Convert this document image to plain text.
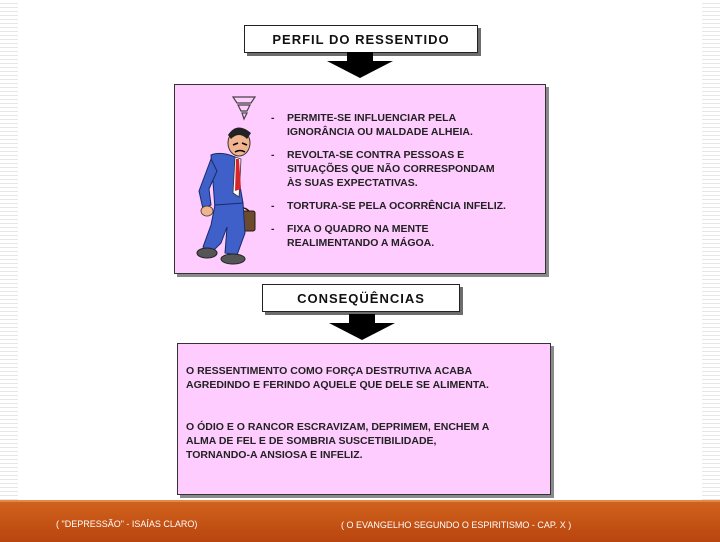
PERFIL DO RESSENTIDO
-	PERMITE-SE INFLUENCIAR PELA
IGNORÂNCIA OU MALDADE ALHEIA.
-	REVOLTA-SE CONTRA PESSOAS E
SITUAÇÕES QUE NÃO CORRESPONDAM
ÀS SUAS EXPECTATIVAS.
-	TORTURA-SE PELA OCORRÊNCIA INFELIZ.
-	FIXA O QUADRO NA MENTE
REALIMENTANDO A MÁGOA.
CONSEQÜÊNCIAS
O RESSENTIMENTO COMO FORÇA DESTRUTIVA ACABA
AGREDINDO E FERINDO AQUELE QUE DELE SE ALIMENTA.
O ÓDIO E O RANCOR ESCRAVIZAM, DEPRIMEM, ENCHEM A
ALMA DE FEL E DE SOMBRIA SUSCETIBILIDADE,
TORNANDO-A ANSIOSA E INFELIZ.
( "DEPRESSÃO" - ISAÍAS CLARO)	( O EVANGELHO SEGUNDO O ESPIRITISMO - CAP. X )
